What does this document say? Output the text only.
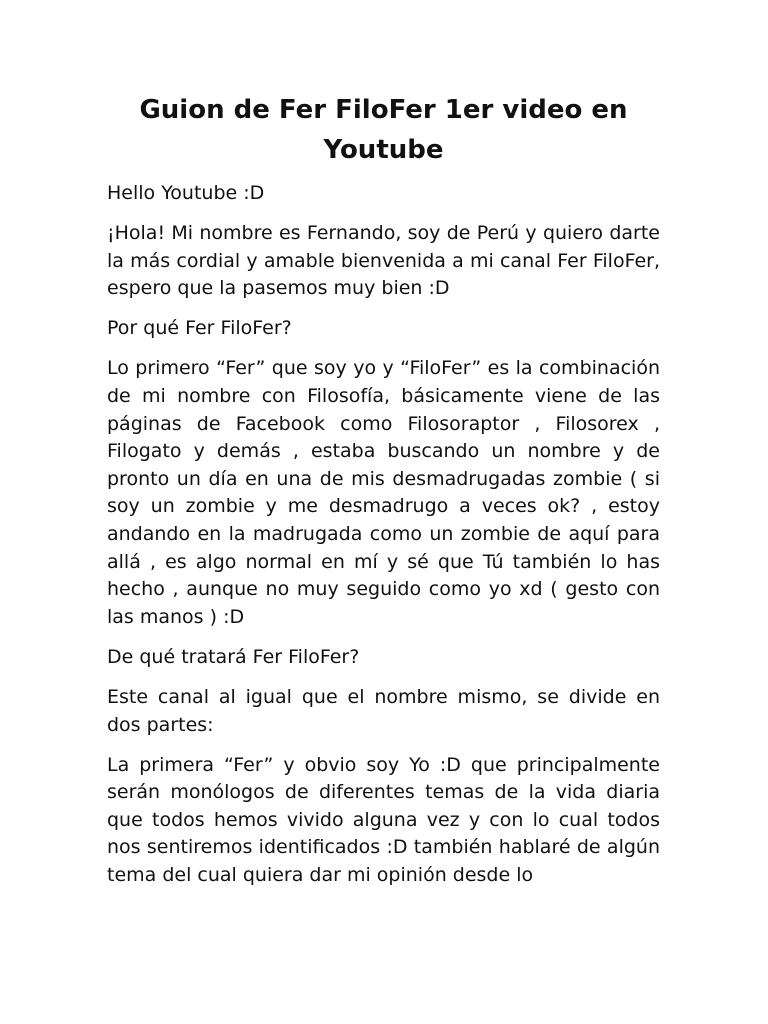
Guion de Fer FiloFer 1er video en Youtube

Hello Youtube :D

¡Hola! Mi nombre es Fernando, soy de Perú y quiero darte la más cordial y amable bienvenida a mi canal Fer FiloFer, espero que la pasemos muy bien :D

Por qué Fer FiloFer?

Lo primero “Fer” que soy yo y “FiloFer” es la combinación de mi nombre con Filosofía, básicamente viene de las páginas de Facebook como Filosoraptor , Filosorex , Filogato y demás , estaba buscando un nombre y de pronto un día en una de mis desmadrugadas zombie ( si soy un zombie y me desmadrugo a veces ok? , estoy andando en la madrugada como un zombie de aquí para allá , es algo normal en mí y sé que Tú también lo has hecho , aunque no muy seguido como yo xd ( gesto con las manos ) :D

De qué tratará Fer FiloFer?

Este canal al igual que el nombre mismo, se divide en dos partes:

La primera “Fer” y obvio soy Yo :D que principalmente serán monólogos de diferentes temas de la vida diaria que todos hemos vivido alguna vez y con lo cual todos nos sentiremos identificados :D también hablaré de algún tema del cual quiera dar mi opinión desde lo
